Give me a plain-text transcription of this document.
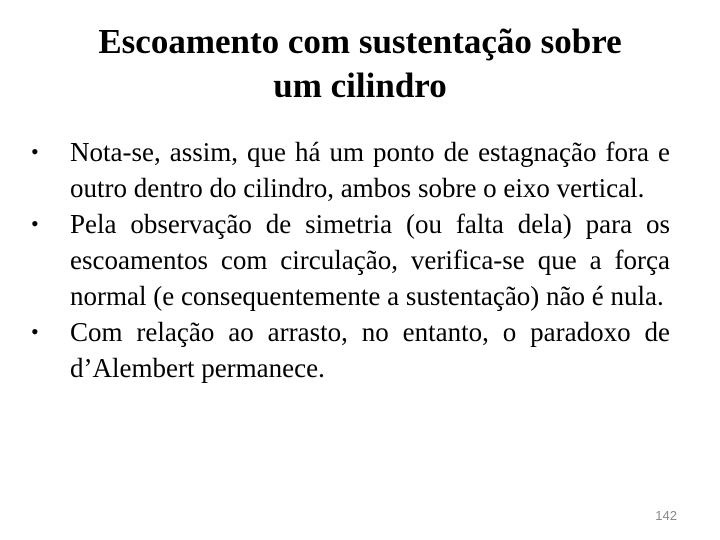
Escoamento com sustentação sobre
um cilindro
• Nota-se, assim, que há um ponto de estagnação fora e outro dentro do cilindro, ambos sobre o eixo vertical.
• Pela observação de simetria (ou falta dela) para os escoamentos com circulação, verifica-se que a força normal (e consequentemente a sustentação) não é nula.
• Com relação ao arrasto, no entanto, o paradoxo de d’Alembert permanece.
142
